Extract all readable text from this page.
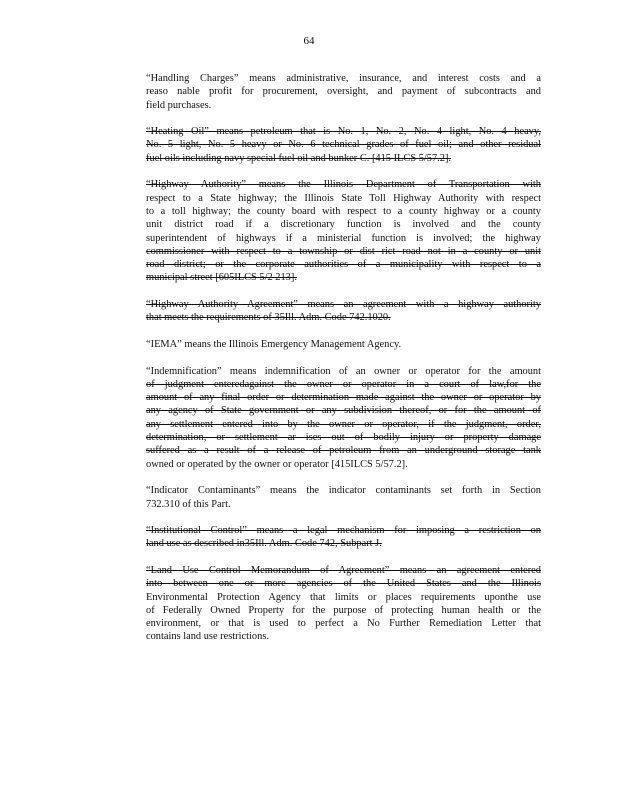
64
“Handling Charges” means administrative, insurance, and interest costs and a
reaso nable profit for procurement, oversight, and payment of subcontracts and
field purchases.
“Heating Oil” means petroleum that is No. 1, No. 2, No. 4 light, No. 4 heavy,
No. 5 light, No. 5 heavy or No. 6 technical grades of fuel oil; and other residual
fuel oils including navy special fuel oil and bunker C. [415 ILCS 5/57.2].
“Highway Authority” means the Illinois Department of Transportation with
respect to a State highway; the Illinois State Toll Highway Authority with respect
to a toll highway; the county board with respect to a county highway or a county
unit district road if a discretionary function is involved and the county
superintendent of highways if a ministerial function is involved; the highway
commissioner with respect to a township or dist rict road not in a county or unit
road district; or the corporate authorities of a municipality with respect to a
municipal street [605ILCS 5/2 213].
“Highway Authority Agreement” means an agreement with a highway authority
that meets the requirements of 35Ill. Adm. Code 742.1020.
“IEMA” means the Illinois Emergency Management Agency.
“Indemnification” means indemnification of an owner or operator for the amount
of judgment enteredagainst the owner or operator in a court of law,for the
amount of any final order or determination made against the owner or operator by
any agency of State government or any subdivision thereof, or for the amount of
any settlement entered into by the owner or operator, if the judgment, order,
determination, or settlement ar ises out of bodily injury or property damage
suffered as a result of a release of petroleum from an underground storage tank
owned or operated by the owner or operator [415ILCS 5/57.2].
“Indicator Contaminants” means the indicator contaminants set forth in Section
732.310 of this Part.
“Institutional Control” means a legal mechanism for imposing a restriction on
land use as described in35Ill. Adm. Code 742, Subpart J.
“Land Use Control Memorandum of Agreement” means an agreement entered
into between one or more agencies of the United States and the Illinois
Environmental Protection Agency that limits or places requirements uponthe use
of Federally Owned Property for the purpose of protecting human health or the
environment, or that is used to perfect a No Further Remediation Letter that
contains land use restrictions.
